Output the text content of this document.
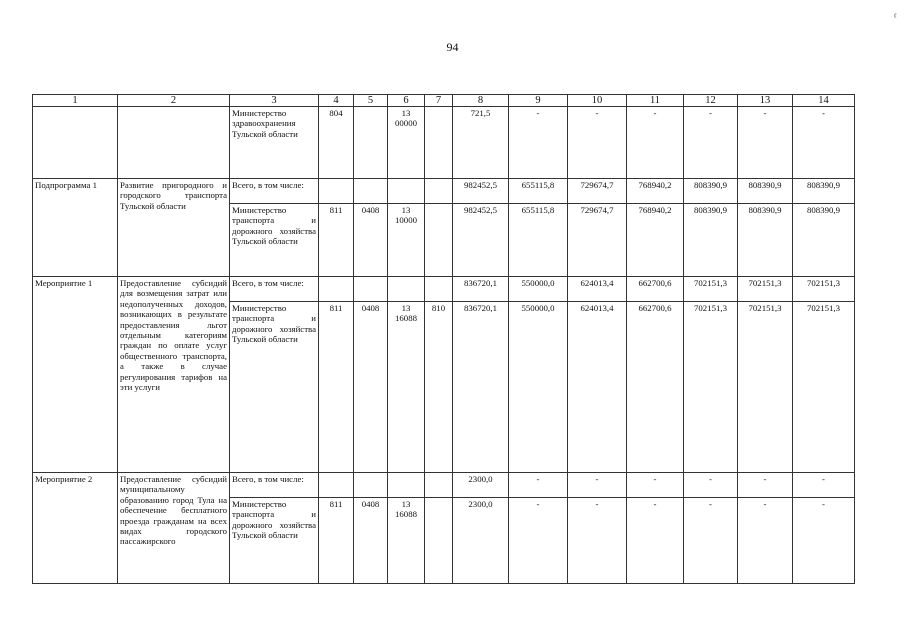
94
¢
1	2	3	4	5	6	7	8	9	10	11	12	13	14
		Министерство здравоохранения Тульской области	804		13 00000		721,5	-	-	-	-	-	-
Подпрограмма 1	Развитие пригородного и городского транспорта Тульской области	Всего, в том числе:					982452,5	655115,8	729674,7	768940,2	808390,9	808390,9	808390,9
		Министерство транспорта и дорожного хозяйства Тульской области	811	0408	13 10000		982452,5	655115,8	729674,7	768940,2	808390,9	808390,9	808390,9
Мероприятие 1	Предоставление субсидий для возмещения затрат или недополученных доходов, возникающих в результате предоставления льгот отдельным категориям граждан по оплате услуг общественного транспорта, а также в случае регулирования тарифов на эти услуги	Всего, в том числе:					836720,1	550000,0	624013,4	662700,6	702151,3	702151,3	702151,3
		Министерство транспорта и дорожного хозяйства Тульской области	811	0408	13 16088	810	836720,1	550000,0	624013,4	662700,6	702151,3	702151,3	702151,3
Мероприятие 2	Предоставление субсидий муниципальному образованию город Тула на обеспечение бесплатного проезда гражданам на всех видах городского пассажирского	Всего, в том числе:					2300,0	-	-	-	-	-	-
		Министерство транспорта и дорожного хозяйства Тульской области	811	0408	13 16088		2300,0	-	-	-	-	-	-
